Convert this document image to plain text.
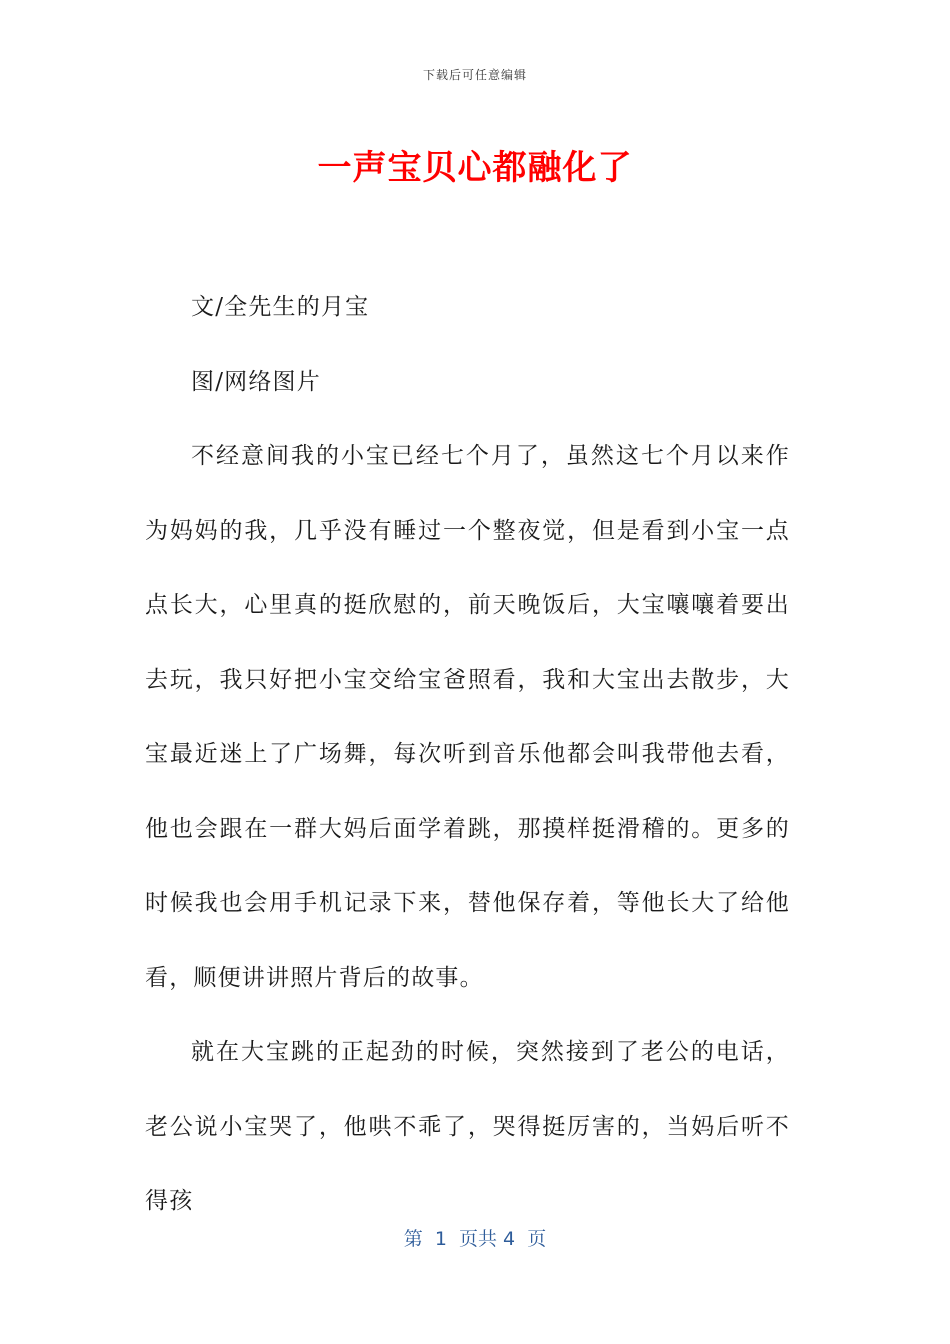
下载后可任意编辑
一声宝贝心都融化了

文/全先生的月宝

图/网络图片

不经意间我的小宝已经七个月了，虽然这七个月以来作为妈妈的我，几乎没有睡过一个整夜觉，但是看到小宝一点点长大，心里真的挺欣慰的，前天晚饭后，大宝嚷嚷着要出去玩，我只好把小宝交给宝爸照看，我和大宝出去散步，大宝最近迷上了广场舞，每次听到音乐他都会叫我带他去看，他也会跟在一群大妈后面学着跳，那摸样挺滑稽的。更多的时候我也会用手机记录下来，替他保存着，等他长大了给他看，顺便讲讲照片背后的故事。

就在大宝跳的正起劲的时候，突然接到了老公的电话，老公说小宝哭了，他哄不乖了，哭得挺厉害的，当妈后听不得孩

第  1  页共 4  页
